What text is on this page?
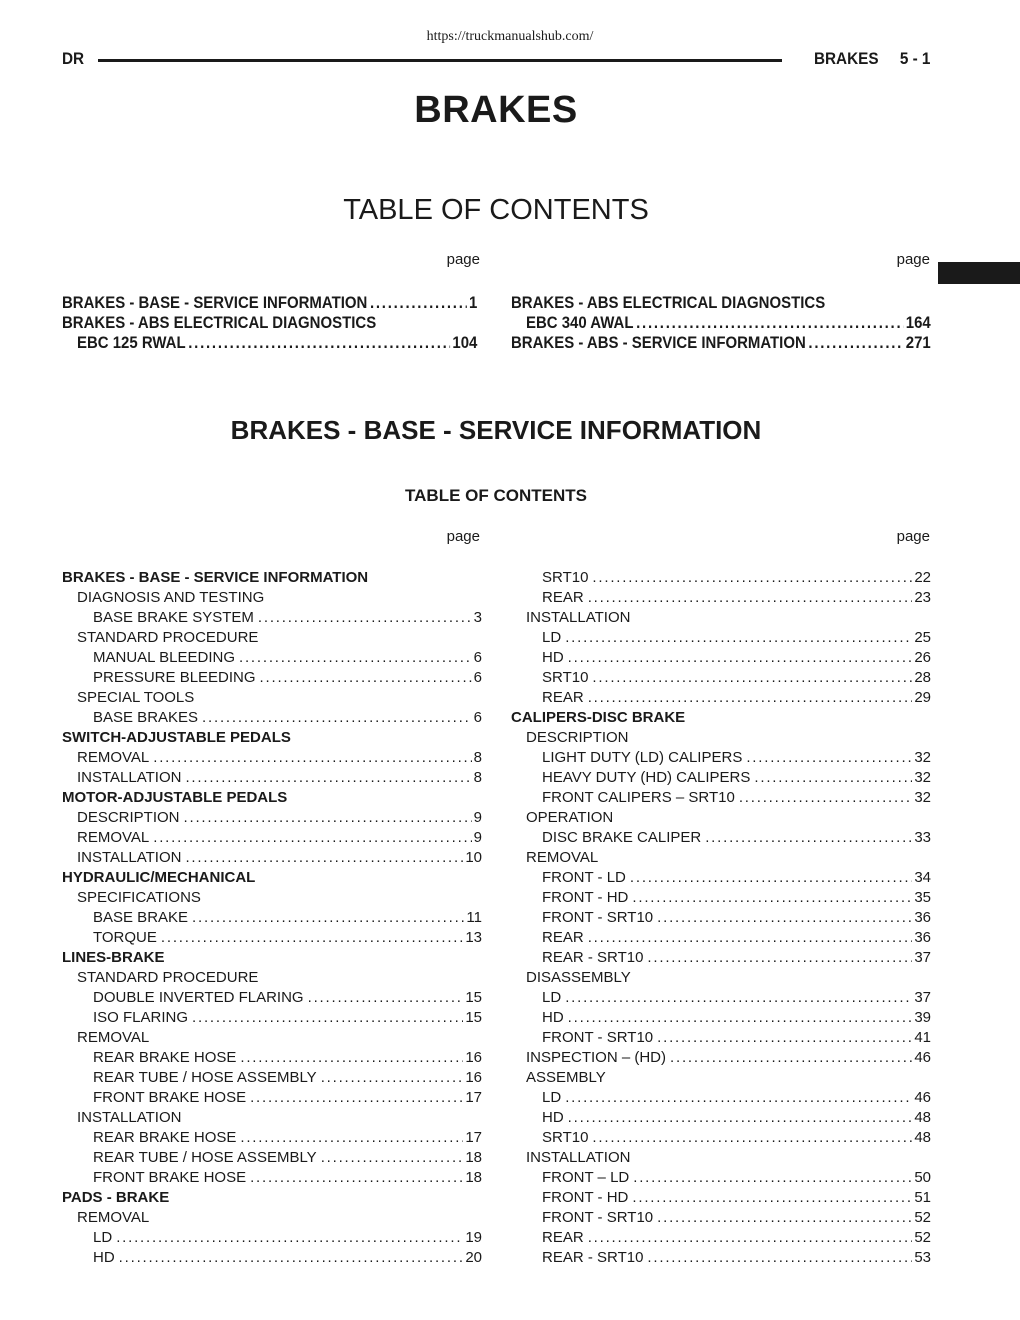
https://truckmanualshub.com/
DR	BRAKES 5 - 1
BRAKES
TABLE OF CONTENTS
page	page
BRAKES - BASE - SERVICE INFORMATION .....	1
BRAKES - ABS ELECTRICAL DIAGNOSTICS
EBC 125 RWAL .....	104
BRAKES - ABS ELECTRICAL DIAGNOSTICS
EBC 340 AWAL .....	164
BRAKES - ABS - SERVICE INFORMATION .....	271
BRAKES - BASE - SERVICE INFORMATION
TABLE OF CONTENTS
page	page
BRAKES - BASE - SERVICE INFORMATION
DIAGNOSIS AND TESTING
BASE BRAKE SYSTEM .....	3
STANDARD PROCEDURE
MANUAL BLEEDING .....	6
PRESSURE BLEEDING .....	6
SPECIAL TOOLS
BASE BRAKES .....	6
SWITCH-ADJUSTABLE PEDALS
REMOVAL .....	8
INSTALLATION .....	8
MOTOR-ADJUSTABLE PEDALS
DESCRIPTION .....	9
REMOVAL .....	9
INSTALLATION .....	10
HYDRAULIC/MECHANICAL
SPECIFICATIONS
BASE BRAKE .....	11
TORQUE .....	13
LINES-BRAKE
STANDARD PROCEDURE
DOUBLE INVERTED FLARING .....	15
ISO FLARING .....	15
REMOVAL
REAR BRAKE HOSE .....	16
REAR TUBE / HOSE ASSEMBLY .....	16
FRONT BRAKE HOSE .....	17
INSTALLATION
REAR BRAKE HOSE .....	17
REAR TUBE / HOSE ASSEMBLY .....	18
FRONT BRAKE HOSE .....	18
PADS - BRAKE
REMOVAL
LD .....	19
HD .....	20
SRT10 .....	22
REAR .....	23
INSTALLATION
LD .....	25
HD .....	26
SRT10 .....	28
REAR .....	29
CALIPERS-DISC BRAKE
DESCRIPTION
LIGHT DUTY (LD) CALIPERS .....	32
HEAVY DUTY (HD) CALIPERS .....	32
FRONT CALIPERS – SRT10 .....	32
OPERATION
DISC BRAKE CALIPER .....	33
REMOVAL
FRONT - LD .....	34
FRONT - HD .....	35
FRONT - SRT10 .....	36
REAR .....	36
REAR - SRT10 .....	37
DISASSEMBLY
LD .....	37
HD .....	39
FRONT - SRT10 .....	41
INSPECTION – (HD) .....	46
ASSEMBLY
LD .....	46
HD .....	48
SRT10 .....	48
INSTALLATION
FRONT – LD .....	50
FRONT - HD .....	51
FRONT - SRT10 .....	52
REAR .....	52
REAR - SRT10 .....	53
